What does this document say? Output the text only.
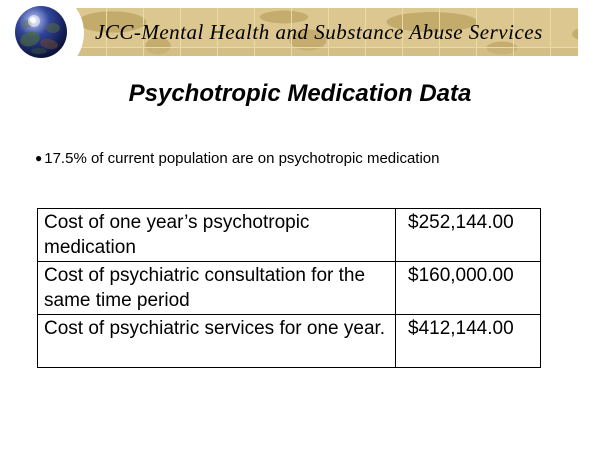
JCC-Mental Health and Substance Abuse Services
Psychotropic Medication Data
● 17.5% of current population are on psychotropic medication
Cost of one year’s psychotropic medication	$252,144.00
Cost of psychiatric consultation for the same time period	$160,000.00
Cost of psychiatric services for one year.	$412,144.00
